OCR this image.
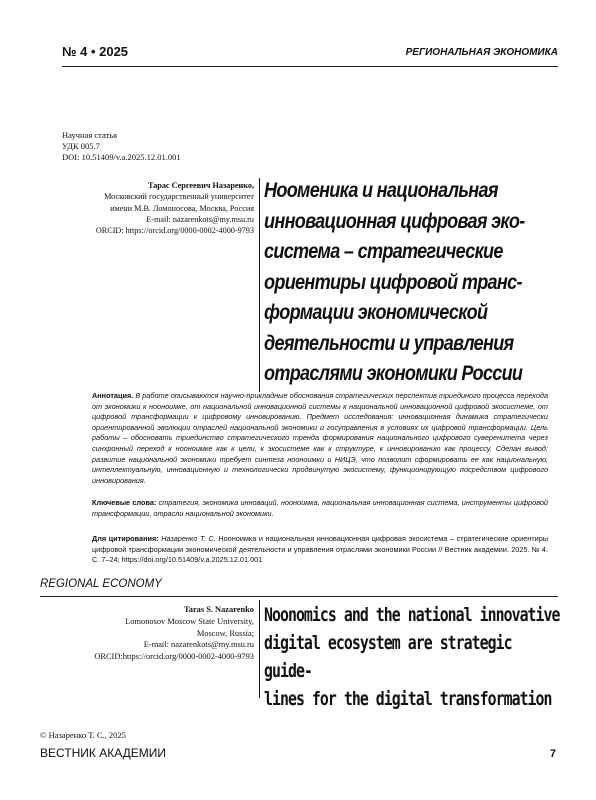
№ 4 • 2025	РЕГИОНАЛЬНАЯ ЭКОНОМИКА
Научная статья
УДК 005.7
DOI: 10.51409/v.a.2025.12.01.001
Тарас Сергеевич Назаренко,
Московский государственный университет
имени М.В. Ломоносова, Москва, Россия
E-mail: nazarenkots@my.msu.ru
ORCID: https://orcid.org/0000-0002-4000-9793
Нооменика и национальная
инновационная цифровая эко-
система – стратегические
ориентиры цифровой транс-
формации экономической
деятельности и управления
отраслями экономики России
Аннотация. В работе описываются научно-прикладные обоснования стратегических перспектив триединого процесса перехода от экономики к нооноимке, от национальной инновационной системы к национальной инновационной цифровой экосистеме, от цифровой трансформации к цифровому инновированию. Предмет исследования: инновационная динамика стратегически ориентированной эволюции отраслей национальной экономики и госуправления в условиях их цифровой трансформации. Цель работы – обосновать триединство стратегического тренда формирования национального цифрового суверенитета через синхронный переход к нооноимке как к цели, к экосистеме как к структуре, к инновированию как процессу. Сделан вывод: развитие национальной экономики требует синтеза нооноимки и НИЦЭ, что позволит сформировать ее как национальную, интеллектуальную, инновационную и технологически продвинутую экосистему, функционирующую посредством цифрового инновирования.
Ключевые слова: стратегия, экономика инноваций, нооноимка, национальная инновационная система, инструменты цифровой трансформации, отрасли национальной экономики.
Для цитирования: Назаренко Т. С. Нооноимка и национальная инновационная цифровая экосистема – стратегические ориентиры цифровой трансформации экономической деятельности и управления отраслями экономики России // Вестник академии. 2025. № 4. С. 7–24; https://doi.org/10.51409/v.a.2025.12.01.001
REGIONAL ECONOMY
Taras S. Nazarenko
Lomonosov Moscow State University,
Moscow, Russia;
E-mail: nazarenkots@my.msu.ru
ORCID:https://orcid.org/0000-0002-4000-9793
Noonomics and the national innovative
digital ecosystem are strategic guide-
lines for the digital transformation
© Назаренко Т. С., 2025
ВЕСТНИК АКАДЕМИИ	7
